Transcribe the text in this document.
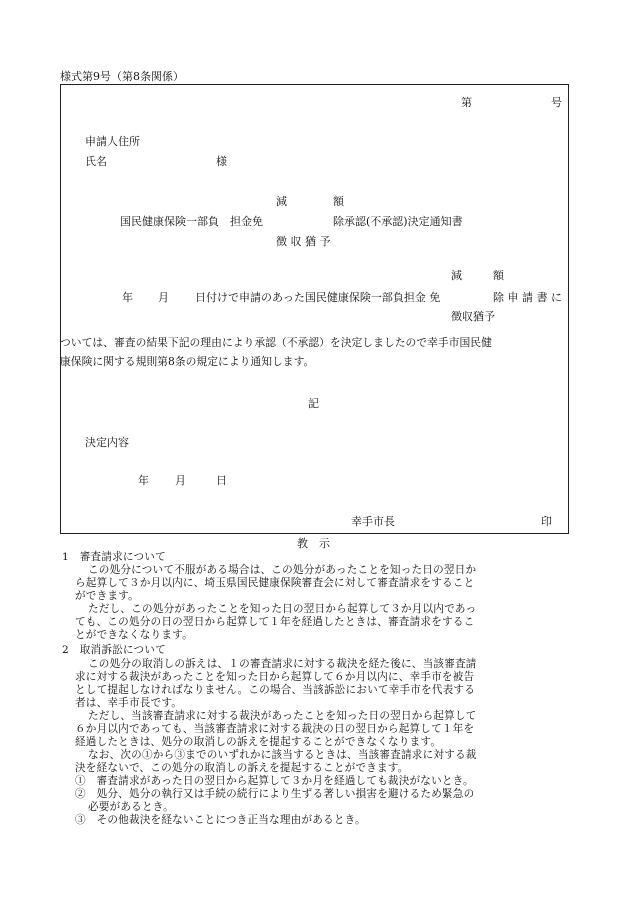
様式第9号（第8条関係）
第	号
申請人住所
氏名	様
減	額
国民健康保険一部負　担金免	除承認(不承認)決定通知書
徴 収 猶 予
減	額
年 月 日付けで申請のあった国民健康保険一部負担金 免	除 申 請 書 に
徴収猶予
ついては、審査の結果下記の理由により承認（不承認）を決定しましたので幸手市国民健
康保険に関する規則第8条の規定により通知します。
記
決定内容
年 月	日
幸手市長	印
教　示
1　審査請求について
この処分について不服がある場合は、この処分があったことを知った日の翌日か
ら起算して３か月以内に、埼玉県国民健康保険審査会に対して審査請求をすること
ができます。
ただし、この処分があったことを知った日の翌日から起算して３か月以内であっ
ても、この処分の日の翌日から起算して１年を経過したときは、審査請求をするこ
とができなくなります。
2　取消訴訟について
この処分の取消しの訴えは、１の審査請求に対する裁決を経た後に、当該審査請
求に対する裁決があったことを知った日から起算して６か月以内に、幸手市を被告
として提起しなければなりません。この場合、当該訴訟において幸手市を代表する
者は、幸手市長です。
ただし、当該審査請求に対する裁決があったことを知った日の翌日から起算して
６か月以内であっても、当該審査請求に対する裁決の日の翌日から起算して１年を
経過したときは、処分の取消しの訴えを提起することができなくなります。
なお、次の①から③までのいずれかに該当するときは、当該審査請求に対する裁
決を経ないで、この処分の取消しの訴えを提起することができます。
①　審査請求があった日の翌日から起算して３か月を経過しても裁決がないとき。
②　処分、処分の執行又は手続の続行により生ずる著しい損害を避けるため緊急の
必要があるとき。
③　その他裁決を経ないことにつき正当な理由があるとき。
